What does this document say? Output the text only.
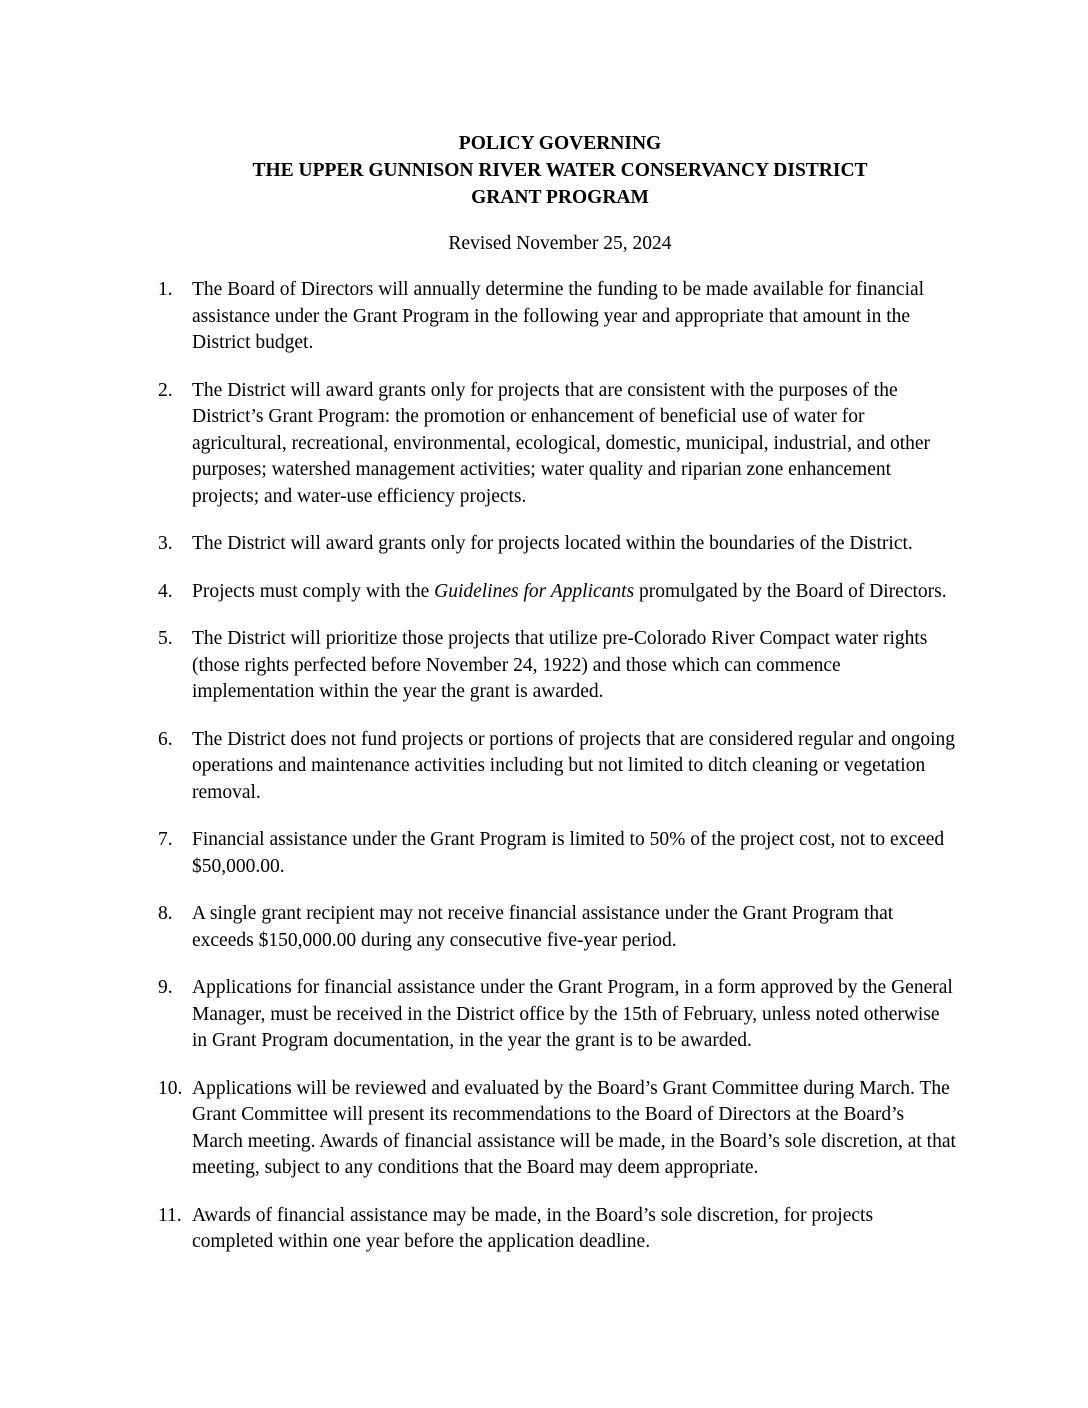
POLICY GOVERNING
THE UPPER GUNNISON RIVER WATER CONSERVANCY DISTRICT
GRANT PROGRAM
Revised November 25, 2024
1. The Board of Directors will annually determine the funding to be made available for financial assistance under the Grant Program in the following year and appropriate that amount in the District budget.
2. The District will award grants only for projects that are consistent with the purposes of the District’s Grant Program: the promotion or enhancement of beneficial use of water for agricultural, recreational, environmental, ecological, domestic, municipal, industrial, and other purposes; watershed management activities; water quality and riparian zone enhancement projects; and water-use efficiency projects.
3. The District will award grants only for projects located within the boundaries of the District.
4. Projects must comply with the Guidelines for Applicants promulgated by the Board of Directors.
5. The District will prioritize those projects that utilize pre-Colorado River Compact water rights (those rights perfected before November 24, 1922) and those which can commence implementation within the year the grant is awarded.
6. The District does not fund projects or portions of projects that are considered regular and ongoing operations and maintenance activities including but not limited to ditch cleaning or vegetation removal.
7. Financial assistance under the Grant Program is limited to 50% of the project cost, not to exceed $50,000.00.
8. A single grant recipient may not receive financial assistance under the Grant Program that exceeds $150,000.00 during any consecutive five-year period.
9. Applications for financial assistance under the Grant Program, in a form approved by the General Manager, must be received in the District office by the 15th of February, unless noted otherwise in Grant Program documentation, in the year the grant is to be awarded.
10. Applications will be reviewed and evaluated by the Board’s Grant Committee during March. The Grant Committee will present its recommendations to the Board of Directors at the Board’s March meeting. Awards of financial assistance will be made, in the Board’s sole discretion, at that meeting, subject to any conditions that the Board may deem appropriate.
11. Awards of financial assistance may be made, in the Board’s sole discretion, for projects completed within one year before the application deadline.
